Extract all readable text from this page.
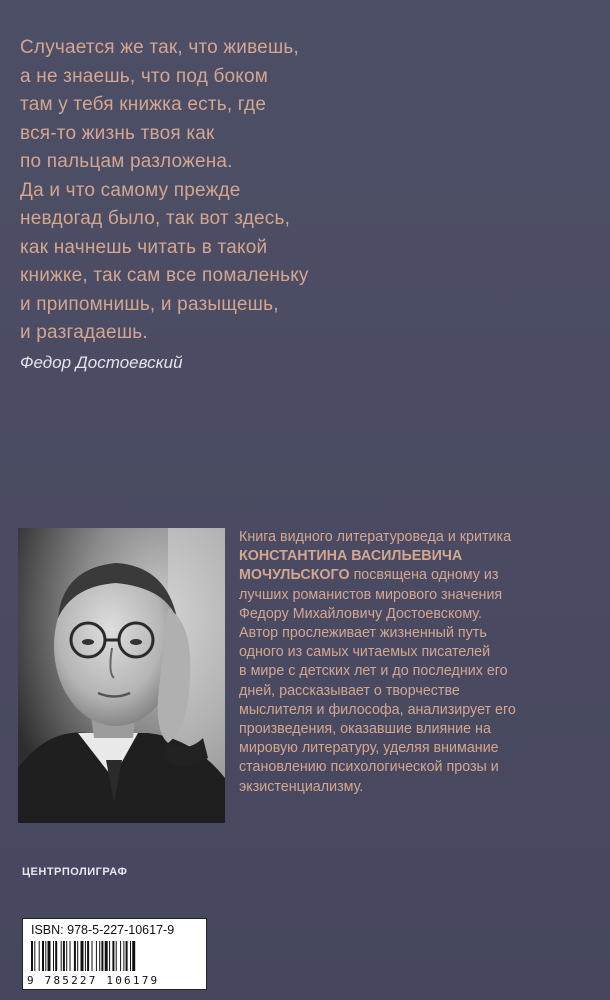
Случается же так, что живешь,
а не знаешь, что под боком
там у тебя книжка есть, где
вся-то жизнь твоя как
по пальцам разложена.
Да и что самому прежде
невдогад было, так вот здесь,
как начнешь читать в такой
книжке, так сам все помаленьку
и припомнишь, и разыщешь,
и разгадаешь.
Федор Достоевский
Книга видного литературоведа и критика
КОНСТАНТИНА ВАСИЛЬЕВИЧА
МОЧУЛЬСКОГО посвящена одному из
лучших романистов мирового значения
Федору Михайловичу Достоевскому.
Автор прослеживает жизненный путь
одного из самых читаемых писателей
в мире с детских лет и до последних его
дней, рассказывает о творчестве
мыслителя и философа, анализирует его
произведения, оказавшие влияние на
мировую литературу, уделяя внимание
становлению психологической прозы и
экзистенциализму.
ЦЕНТРПОЛИГРАФ
ISBN: 978-5-227-10617-9
9 785227 106179
